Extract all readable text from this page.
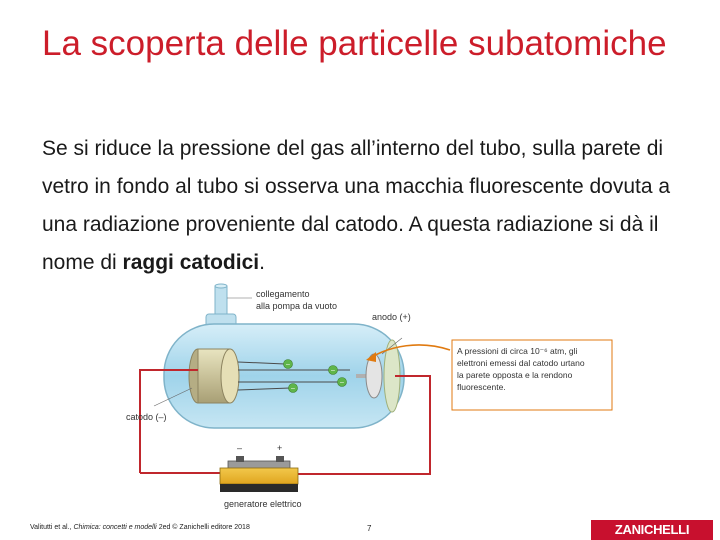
La scoperta delle particelle subatomiche
Se si riduce la pressione del gas all’interno del tubo, sulla parete di vetro in fondo al tubo si osserva una macchia fluorescente dovuta a una radiazione proveniente dal catodo. A questa radiazione si dà il nome di raggi catodici.
–
–
–
–
collegamento
alla pompa da vuoto
anodo (+)
catodo (–)
–	+
generatore elettrico
A pressioni di circa 10⁻⁶ atm, gli
elettroni emessi dal catodo urtano
la parete opposta e la rendono
fluorescente.
Valitutti et al., Chimica: concetti e modelli 2ed © Zanichelli editore 2018	7	ZANICHELLI
